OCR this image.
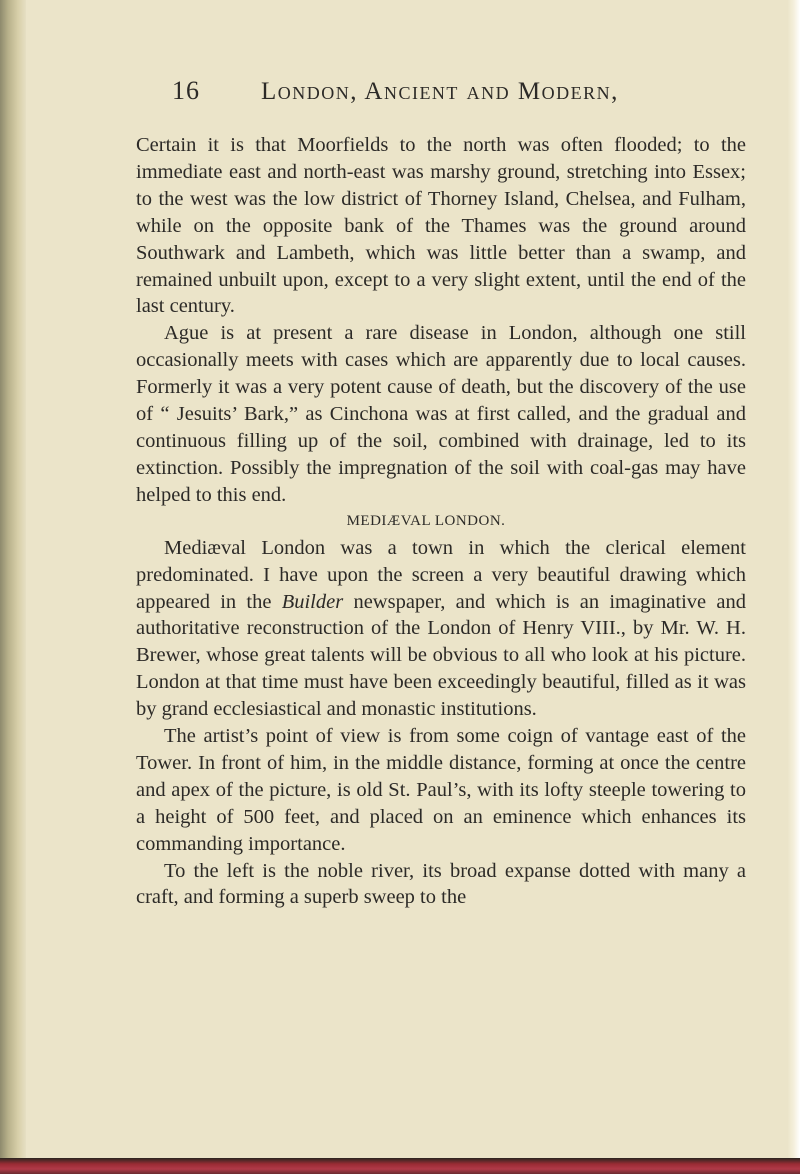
16 London, Ancient and Modern,

Certain it is that Moorfields to the north was often flooded; to the immediate east and north-east was marshy ground, stretching into Essex; to the west was the low district of Thorney Island, Chelsea, and Fulham, while on the opposite bank of the Thames was the ground around Southwark and Lambeth, which was little better than a swamp, and remained unbuilt upon, except to a very slight extent, until the end of the last century.

Ague is at present a rare disease in London, although one still occasionally meets with cases which are apparently due to local causes. Formerly it was a very potent cause of death, but the discovery of the use of “ Jesuits’ Bark,” as Cinchona was at first called, and the gradual and continuous filling up of the soil, combined with drainage, led to its extinction. Possibly the impregnation of the soil with coal-gas may have helped to this end.

MEDIÆVAL LONDON.

Mediæval London was a town in which the clerical element predominated. I have upon the screen a very beautiful drawing which appeared in the Builder newspaper, and which is an imaginative and authoritative reconstruction of the London of Henry VIII., by Mr. W. H. Brewer, whose great talents will be obvious to all who look at his picture. London at that time must have been exceedingly beautiful, filled as it was by grand ecclesiastical and monastic institutions.

The artist’s point of view is from some coign of vantage east of the Tower. In front of him, in the middle distance, forming at once the centre and apex of the picture, is old St. Paul’s, with its lofty steeple towering to a height of 500 feet, and placed on an eminence which enhances its commanding importance.

To the left is the noble river, its broad expanse dotted with many a craft, and forming a superb sweep to the
